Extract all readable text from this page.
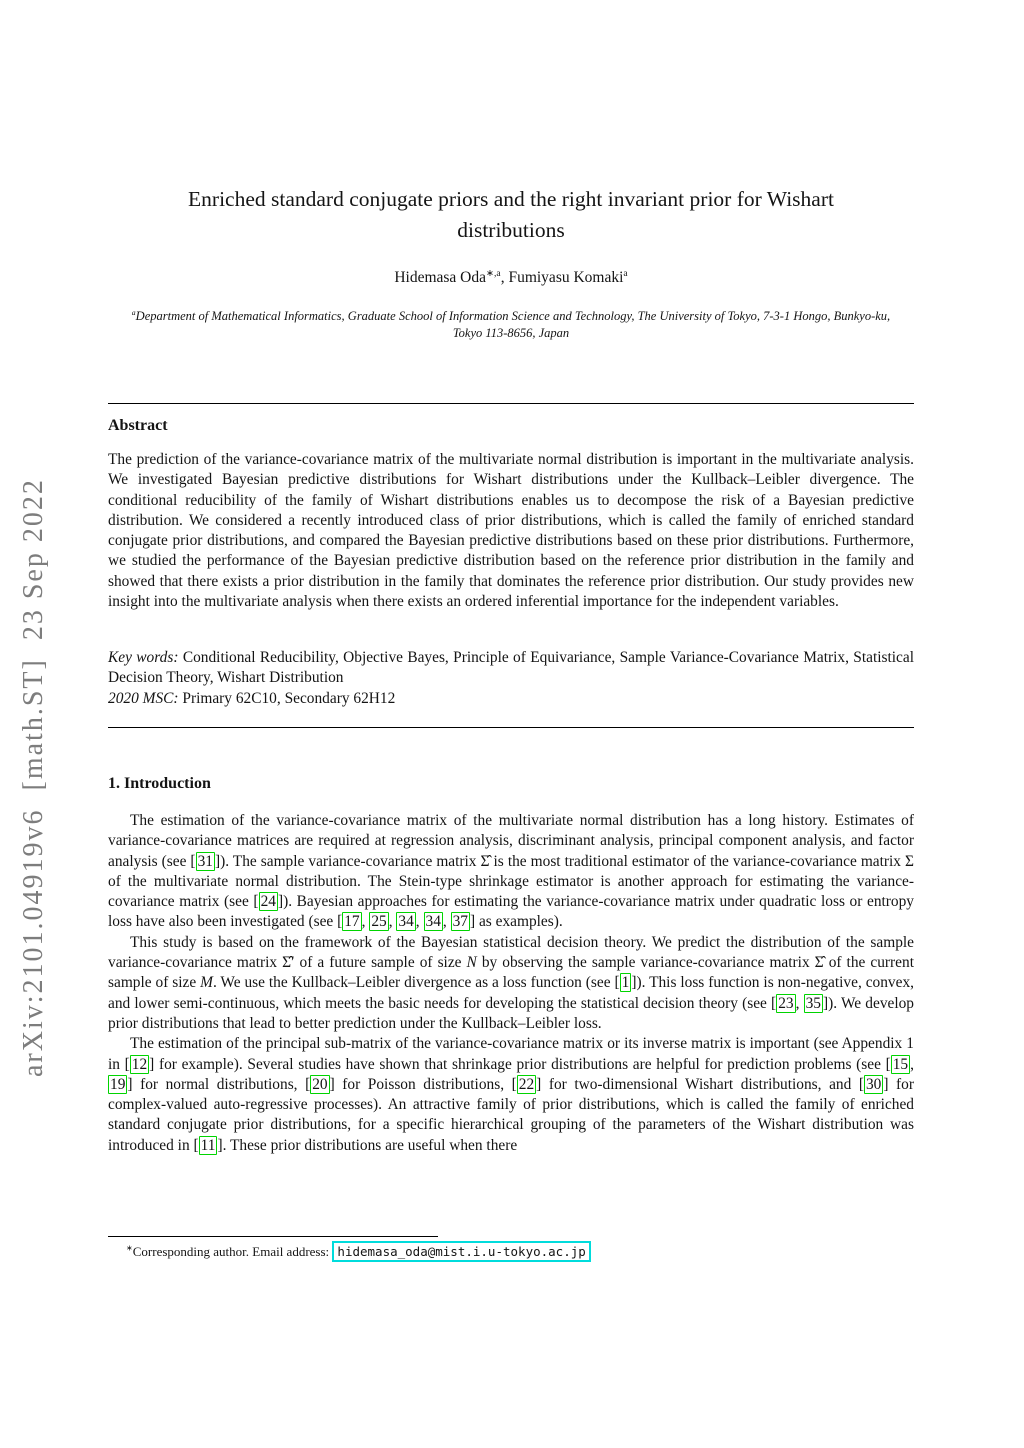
arXiv:2101.04919v6  [math.ST]  23 Sep 2022
Enriched standard conjugate priors and the right invariant prior for Wishart distributions
Hidemasa Oda$^{∗,a}$, Fumiyasu Komaki$^a$
$^a$Department of Mathematical Informatics, Graduate School of Information Science and Technology, The University of Tokyo, 7-3-1 Hongo, Bunkyo-ku, Tokyo 113-8656, Japan
Abstract

The prediction of the variance-covariance matrix of the multivariate normal distribution is important in the multivariate analysis. We investigated Bayesian predictive distributions for Wishart distributions under the Kullback–Leibler divergence. The conditional reducibility of the family of Wishart distributions enables us to decompose the risk of a Bayesian predictive distribution. We considered a recently introduced class of prior distributions, which is called the family of enriched standard conjugate prior distributions, and compared the Bayesian predictive distributions based on these prior distributions. Furthermore, we studied the performance of the Bayesian predictive distribution based on the reference prior distribution in the family and showed that there exists a prior distribution in the family that dominates the reference prior distribution. Our study provides new insight into the multivariate analysis when there exists an ordered inferential importance for the independent variables.

Key words: Conditional Reducibility, Objective Bayes, Principle of Equivariance, Sample Variance-Covariance Matrix, Statistical Decision Theory, Wishart Distribution

2020 MSC: Primary 62C10, Secondary 62H12

1. Introduction

The estimation of the variance-covariance matrix of the multivariate normal distribution has a long history. Estimates of variance-covariance matrices are required at regression analysis, discriminant analysis, principal component analysis, and factor analysis (see [ 31 ]). The sample variance-covariance matrix Σ̂ is the most traditional estimator of the variance-covariance matrix Σ of the multivariate normal distribution. The Stein-type shrinkage estimator is another approach for estimating the variance-covariance matrix (see [ 24 ]). Bayesian approaches for estimating the variance-covariance matrix under quadratic loss or entropy loss have also been investigated (see [ 17 , 25 , 34 , 34 , 37 ] as examples).

This study is based on the framework of the Bayesian statistical decision theory. We predict the distribution of the sample variance-covariance matrix Σ̂′ of a future sample of size N by observing the sample variance-covariance matrix Σ̂ of the current sample of size M. We use the Kullback–Leibler divergence as a loss function (see [ 1 ]). This loss function is non-negative, convex, and lower semi-continuous, which meets the basic needs for developing the statistical decision theory (see [ 23 , 35 ]). We develop prior distributions that lead to better prediction under the Kullback–Leibler loss.

The estimation of the principal sub-matrix of the variance-covariance matrix or its inverse matrix is important (see Appendix 1 in [ 12 ] for example). Several studies have shown that shrinkage prior distributions are helpful for prediction problems (see [ 15 , 19 ] for normal distributions, [ 20 ] for Poisson distributions, [ 22 ] for two-dimensional Wishart distributions, and [ 30 ] for complex-valued auto-regressive processes). An attractive family of prior distributions, which is called the family of enriched standard conjugate prior distributions, for a specific hierarchical grouping of the parameters of the Wishart distribution was introduced in [ 11 ]. These prior distributions are useful when there

∗Corresponding author. Email address: hidemasa_oda@mist.i.u-tokyo.ac.jp
